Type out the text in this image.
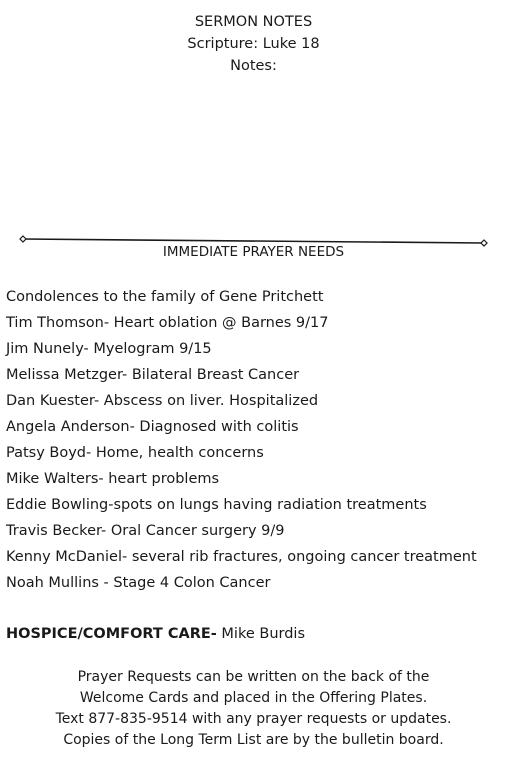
SERMON NOTES
Scripture: Luke 18
Notes:
IMMEDIATE PRAYER NEEDS
Condolences to the family of Gene Pritchett
Tim Thomson- Heart oblation @ Barnes 9/17
Jim Nunely- Myelogram 9/15
Melissa Metzger- Bilateral Breast Cancer
Dan Kuester- Abscess on liver. Hospitalized
Angela Anderson- Diagnosed with colitis
Patsy Boyd- Home, health concerns
Mike Walters- heart problems
Eddie Bowling-spots on lungs having radiation treatments
Travis Becker- Oral Cancer surgery 9/9
Kenny McDaniel- several rib fractures, ongoing cancer treatment
Noah Mullins - Stage 4 Colon Cancer
HOSPICE/COMFORT CARE- Mike Burdis
Prayer Requests can be written on the back of the
Welcome Cards and placed in the Offering Plates.
Text 877-835-9514 with any prayer requests or updates.
Copies of the Long Term List are by the bulletin board.
